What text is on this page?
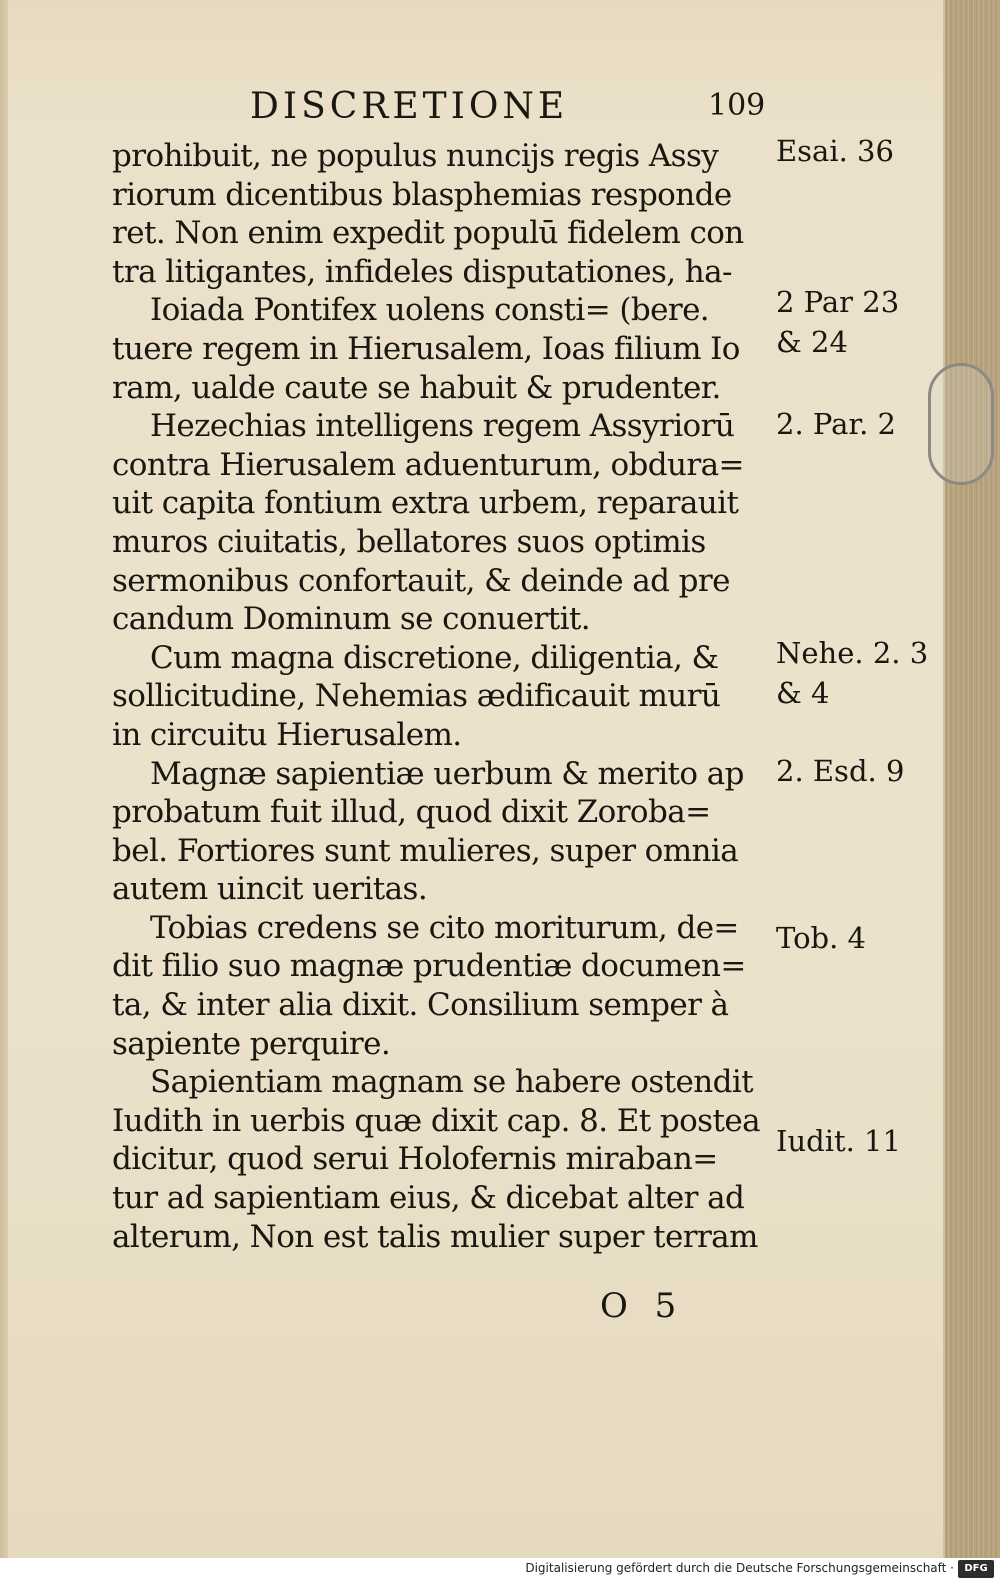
DISCRETIONE	109
prohibuit, ne populus nuncijs regis Assy
riorum dicentibus blasphemias responde
ret. Non enim expedit populū fidelem con
tra litigantes, infideles disputationes, ha-
Ioiada Pontifex uolens consti= (bere.
tuere regem in Hierusalem, Ioas filium Io
ram, ualde caute se habuit & prudenter.
Hezechias intelligens regem Assyriorū
contra Hierusalem aduenturum, obdura=
uit capita fontium extra urbem, reparauit
muros ciuitatis, bellatores suos optimis
sermonibus confortauit, & deinde ad pre
candum Dominum se conuertit.
Cum magna discretione, diligentia, &
sollicitudine, Nehemias ædificauit murū
in circuitu Hierusalem.
Magnæ sapientiæ uerbum & merito ap
probatum fuit illud, quod dixit Zoroba=
bel. Fortiores sunt mulieres, super omnia
autem uincit ueritas.
Tobias credens se cito moriturum, de=
dit filio suo magnæ prudentiæ documen=
ta, & inter alia dixit. Consilium semper à
sapiente perquire.
Sapientiam magnam se habere ostendit
Iudith in uerbis quæ dixit cap. 8. Et postea
dicitur, quod serui Holofernis miraban=
tur ad sapientiam eius, & dicebat alter ad
alterum, Non est talis mulier super terram
Esai. 36
2 Par 23
& 24
2. Par. 2
Nehe. 2. 3
& 4
2. Esd. 9
Tob. 4
Iudit. 11
O 5
Digitalisierung gefördert durch die Deutsche Forschungsgemeinschaft ·	DFG
